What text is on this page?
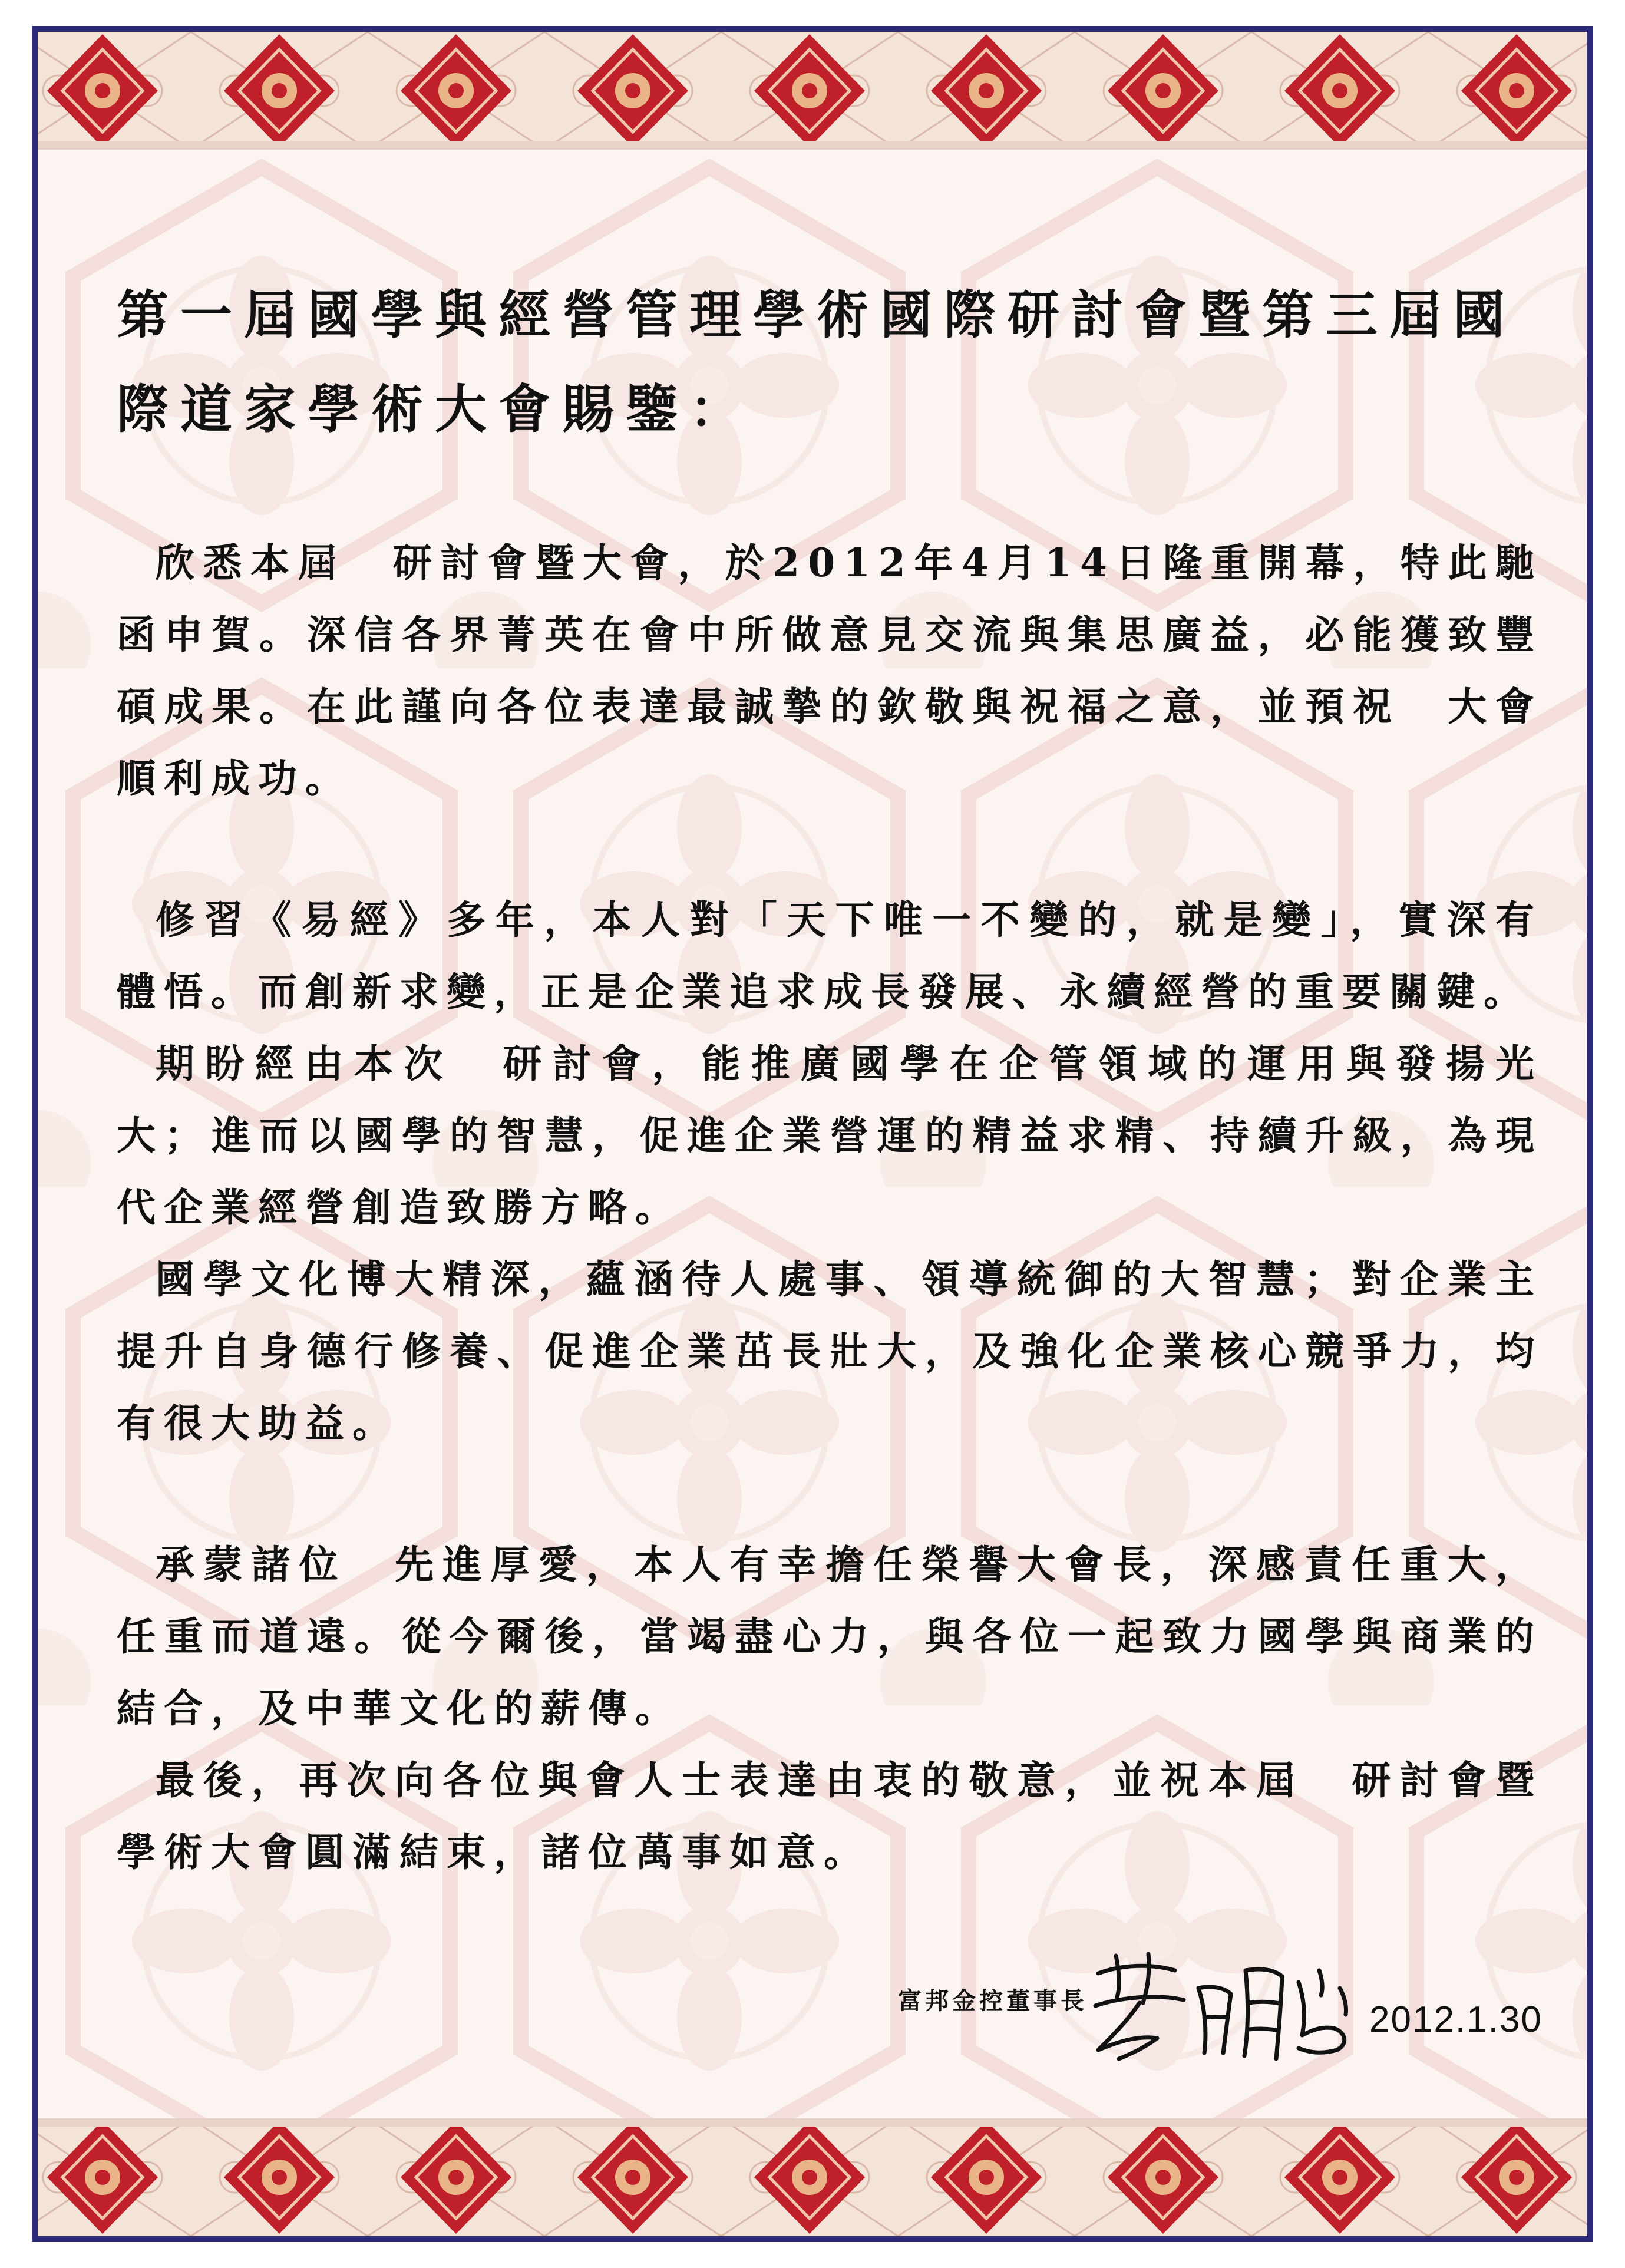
第一屆國學與經營管理學術國際研討會暨第三屆國際道家學術大會賜鑒：

欣悉本屆　研討會暨大會，於2012年4月14日隆重開幕，特此馳函申賀。深信各界菁英在會中所做意見交流與集思廣益，必能獲致豐碩成果。在此謹向各位表達最誠摯的欽敬與祝福之意，並預祝　大會順利成功。

修習《易經》多年，本人對「天下唯一不變的，就是變」，實深有體悟。而創新求變，正是企業追求成長發展、永續經營的重要關鍵。

期盼經由本次　研討會，能推廣國學在企管領域的運用與發揚光大；進而以國學的智慧，促進企業營運的精益求精、持續升級，為現代企業經營創造致勝方略。

國學文化博大精深，蘊涵待人處事、領導統御的大智慧；對企業主提升自身德行修養、促進企業茁長壯大，及強化企業核心競爭力，均有很大助益。

承蒙諸位　先進厚愛，本人有幸擔任榮譽大會長，深感責任重大，任重而道遠。從今爾後，當竭盡心力，與各位一起致力國學與商業的結合，及中華文化的薪傳。

最後，再次向各位與會人士表達由衷的敬意，並祝本屆　研討會暨學術大會圓滿結束，諸位萬事如意。

富邦金控董事長	2012.1.30
